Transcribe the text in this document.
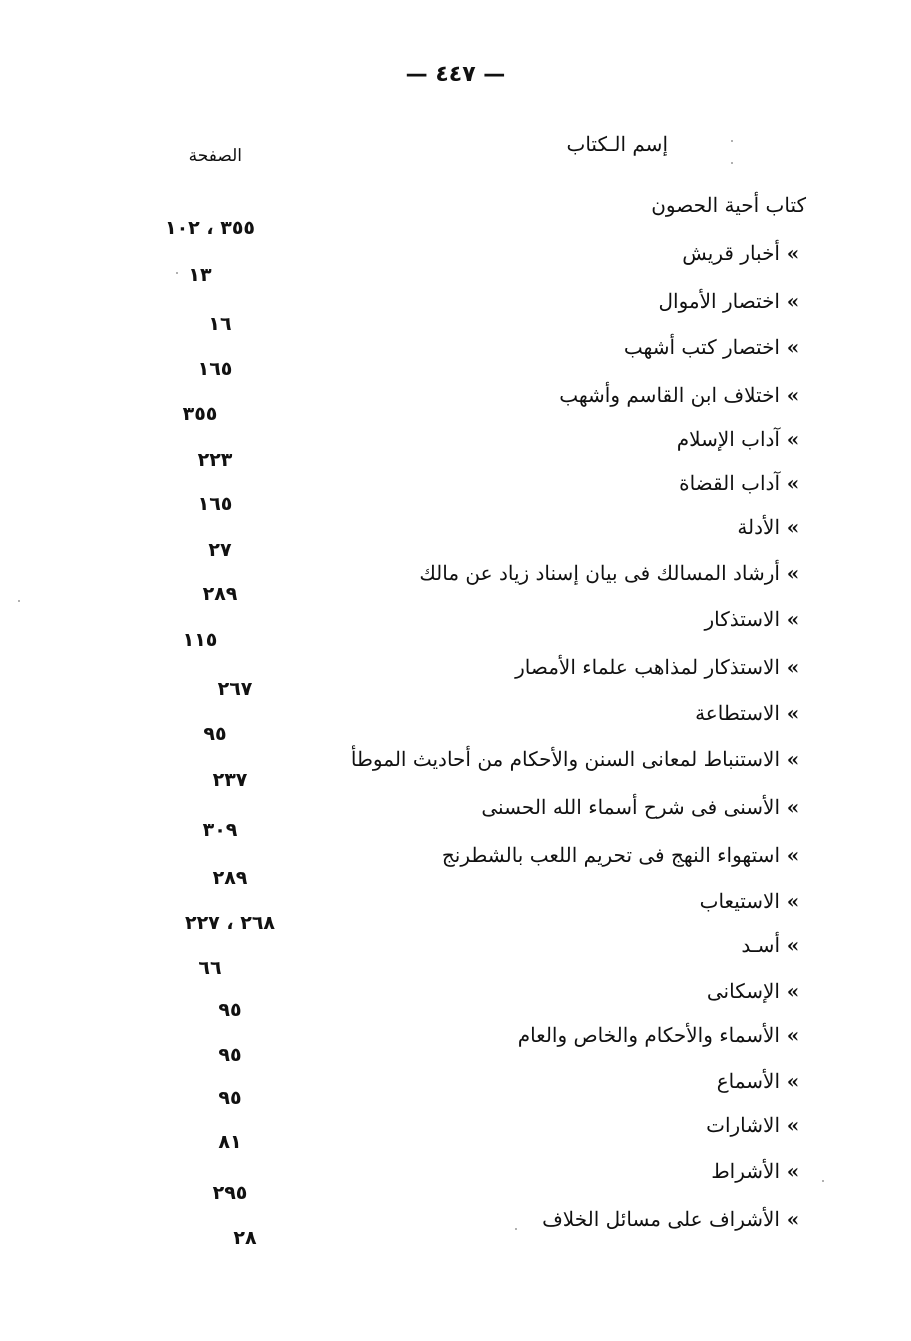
— ٤٤٧ —
إسم الـكتاب
الصفحة
كتاب أحية الحصون
٣٥٥ ، ١٠٢
»أخبار قريش
١٣
»اختصار الأموال
١٦
»اختصار كتب أشهب
١٦٥
»اختلاف ابن القاسم وأشهب
٣٥٥
»آداب الإسلام
٢٢٣
»آداب القضاة
١٦٥
»الأدلة
٢٧
»أرشاد المسالك فى بيان إسناد زياد عن مالك
٢٨٩
»الاستذكار
١١٥
»الاستذكار لمذاهب علماء الأمصار
٢٦٧
»الاستطاعة
٩٥
»الاستنباط لمعانى السنن والأحكام من أحاديث الموطأ
٢٣٧
»الأسنى فى شرح أسماء الله الحسنى
٣٠٩
»استهواء النهج فى تحريم اللعب بالشطرنج
٢٨٩
»الاستيعاب
٢٦٨ ، ٢٢٧
»أسـد
٦٦
»الإسكانى
٩٥
»الأسماء والأحكام والخاص والعام
٩٥
»الأسماع
٩٥
»الاشارات
٨١
»الأشراط
٢٩٥
»الأشراف على مسائل الخلاف
٢٨
